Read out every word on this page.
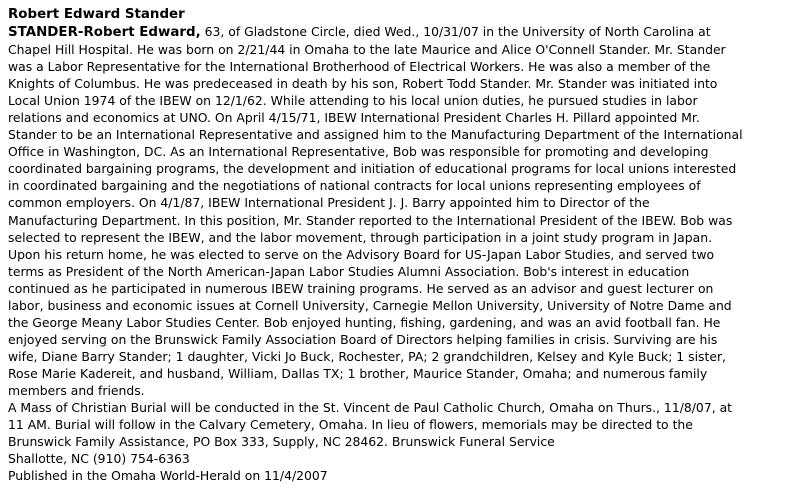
Robert Edward Stander
STANDER-Robert Edward, 63, of Gladstone Circle, died Wed., 10/31/07 in the University of North Carolina at
Chapel Hill Hospital. He was born on 2/21/44 in Omaha to the late Maurice and Alice O'Connell Stander. Mr. Stander
was a Labor Representative for the International Brotherhood of Electrical Workers. He was also a member of the
Knights of Columbus. He was predeceased in death by his son, Robert Todd Stander. Mr. Stander was initiated into
Local Union 1974 of the IBEW on 12/1/62. While attending to his local union duties, he pursued studies in labor
relations and economics at UNO. On April 4/15/71, IBEW International President Charles H. Pillard appointed Mr.
Stander to be an International Representative and assigned him to the Manufacturing Department of the International
Office in Washington, DC. As an International Representative, Bob was responsible for promoting and developing
coordinated bargaining programs, the development and initiation of educational programs for local unions interested
in coordinated bargaining and the negotiations of national contracts for local unions representing employees of
common employers. On 4/1/87, IBEW International President J. J. Barry appointed him to Director of the
Manufacturing Department. In this position, Mr. Stander reported to the International President of the IBEW. Bob was
selected to represent the IBEW, and the labor movement, through participation in a joint study program in Japan.
Upon his return home, he was elected to serve on the Advisory Board for US-Japan Labor Studies, and served two
terms as President of the North American-Japan Labor Studies Alumni Association. Bob's interest in education
continued as he participated in numerous IBEW training programs. He served as an advisor and guest lecturer on
labor, business and economic issues at Cornell University, Carnegie Mellon University, University of Notre Dame and
the George Meany Labor Studies Center. Bob enjoyed hunting, fishing, gardening, and was an avid football fan. He
enjoyed serving on the Brunswick Family Association Board of Directors helping families in crisis. Surviving are his
wife, Diane Barry Stander; 1 daughter, Vicki Jo Buck, Rochester, PA; 2 grandchildren, Kelsey and Kyle Buck; 1 sister,
Rose Marie Kadereit, and husband, William, Dallas TX; 1 brother, Maurice Stander, Omaha; and numerous family
members and friends.
A Mass of Christian Burial will be conducted in the St. Vincent de Paul Catholic Church, Omaha on Thurs., 11/8/07, at
11 AM. Burial will follow in the Calvary Cemetery, Omaha. In lieu of flowers, memorials may be directed to the
Brunswick Family Assistance, PO Box 333, Supply, NC 28462. Brunswick Funeral Service
Shallotte, NC (910) 754-6363
Published in the Omaha World-Herald on 11/4/2007
